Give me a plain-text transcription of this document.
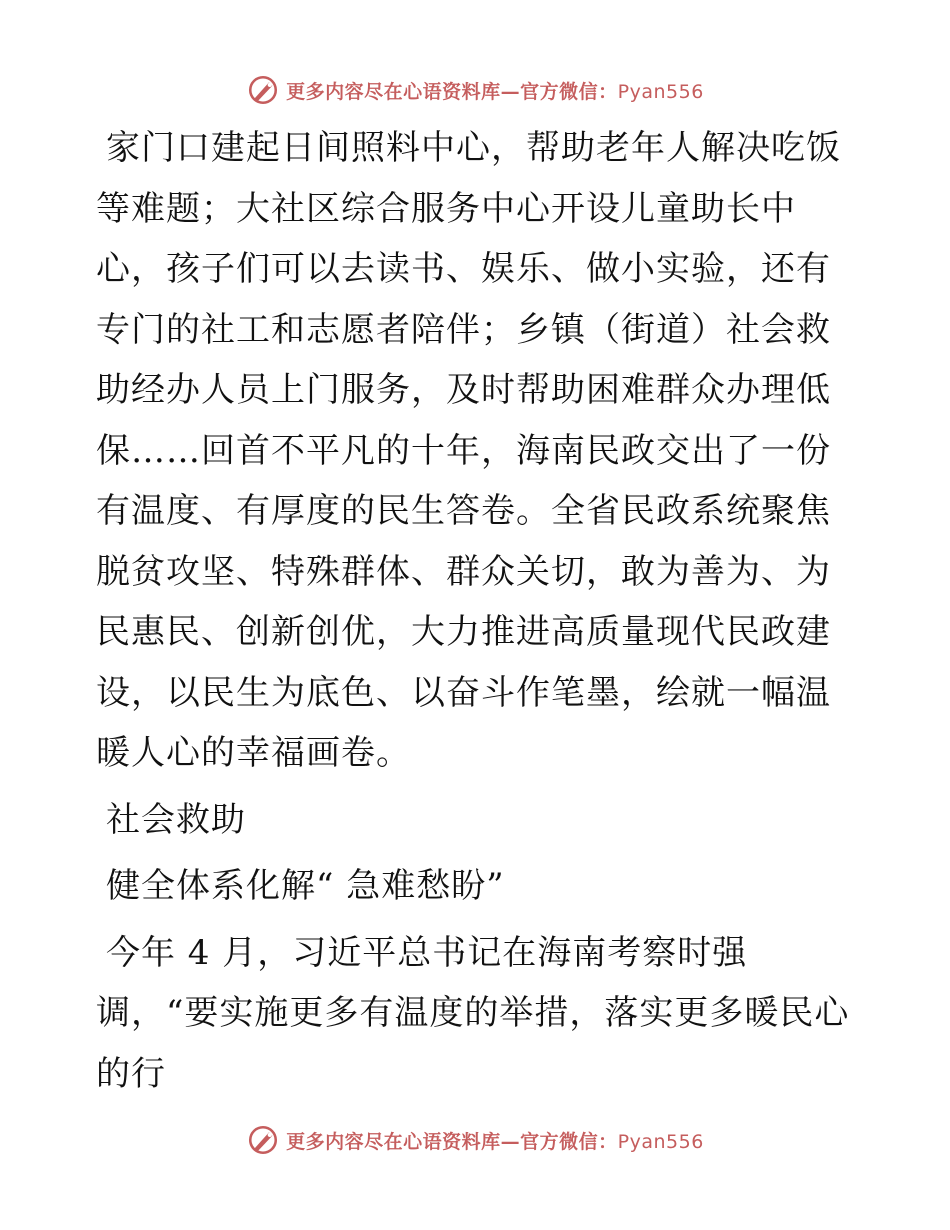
更多内容尽在心语资料库—官方微信：Pyan556

家门口建起日间照料中心，帮助老年人解决吃饭等难题；大社区综合服务中心开设儿童助长中心，孩子们可以去读书、娱乐、做小实验，还有专门的社工和志愿者陪伴；乡镇（街道）社会救助经办人员上门服务，及时帮助困难群众办理低保……回首不平凡的十年，海南民政交出了一份有温度、有厚度的民生答卷。全省民政系统聚焦脱贫攻坚、特殊群体、群众关切，敢为善为、为民惠民、创新创优，大力推进高质量现代民政建设，以民生为底色、以奋斗作笔墨，绘就一幅温暖人心的幸福画卷。

社会救助

健全体系化解“ 急难愁盼”

今年 4 月，习近平总书记在海南考察时强调，“要实施更多有温度的举措，落实更多暖民心的行

更多内容尽在心语资料库—官方微信：Pyan556
